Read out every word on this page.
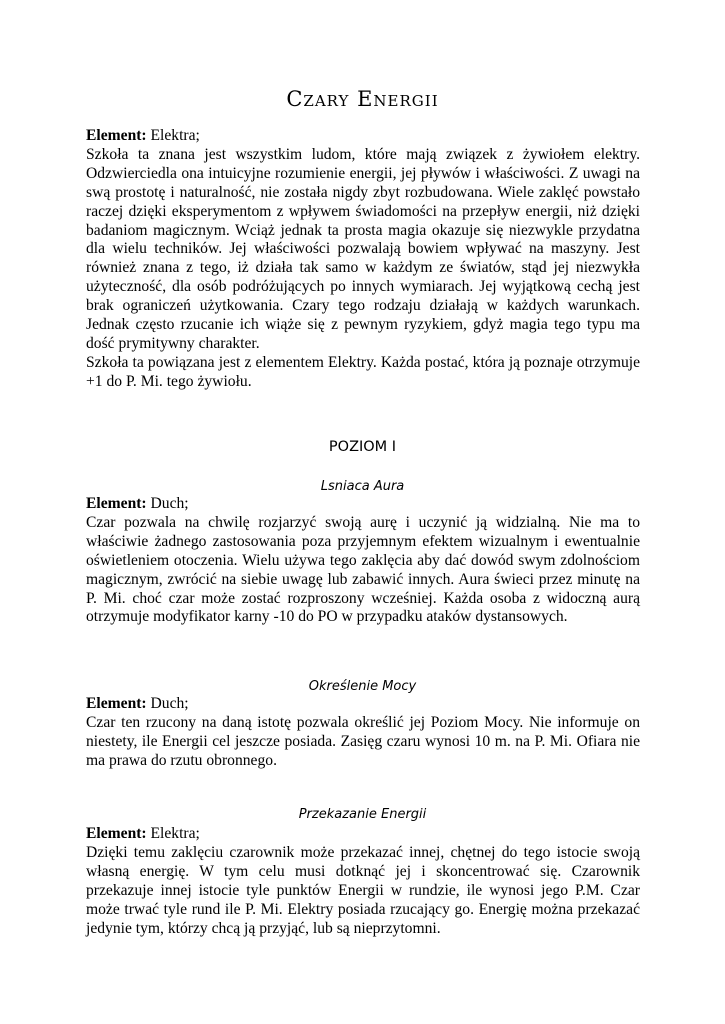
Czary Energii

Element: Elektra;

Szkoła ta znana jest wszystkim ludom, które mają związek z żywiołem elektry. Odzwierciedla ona intuicyjne rozumienie energii, jej pływów i właściwości. Z uwagi na swą prostotę i naturalność, nie została nigdy zbyt rozbudowana. Wiele zaklęć powstało raczej dzięki eksperymentom z wpływem świadomości na przepływ energii, niż dzięki badaniom magicznym. Wciąż jednak ta prosta magia okazuje się niezwykle przydatna dla wielu techników. Jej właściwości pozwalają bowiem wpływać na maszyny. Jest również znana z tego, iż działa tak samo w każdym ze światów, stąd jej niezwykła użyteczność, dla osób podróżujących po innych wymiarach. Jej wyjątkową cechą jest brak ograniczeń użytkowania. Czary tego rodzaju działają w każdych warunkach. Jednak często rzucanie ich wiąże się z pewnym ryzykiem, gdyż magia tego typu ma dość prymitywny charakter.

Szkoła ta powiązana jest z elementem Elektry. Każda postać, która ją poznaje otrzymuje +1 do P. Mi. tego żywiołu.

POZIOM I
Lsniaca Aura

Element: Duch;

Czar pozwala na chwilę rozjarzyć swoją aurę i uczynić ją widzialną. Nie ma to właściwie żadnego zastosowania poza przyjemnym efektem wizualnym i ewentualnie oświetleniem otoczenia. Wielu używa tego zaklęcia aby dać dowód swym zdolnościom magicznym, zwrócić na siebie uwagę lub zabawić innych. Aura świeci przez minutę na P. Mi. choć czar może zostać rozproszony wcześniej. Każda osoba z widoczną aurą otrzymuje modyfikator karny -10 do PO w przypadku ataków dystansowych.

Określenie Mocy

Element: Duch;

Czar ten rzucony na daną istotę pozwala określić jej Poziom Mocy. Nie informuje on niestety, ile Energii cel jeszcze posiada. Zasięg czaru wynosi 10 m. na P. Mi. Ofiara nie ma prawa do rzutu obronnego.

Przekazanie Energii

Element: Elektra;

Dzięki temu zaklęciu czarownik może przekazać innej, chętnej do tego istocie swoją własną energię. W tym celu musi dotknąć jej i skoncentrować się. Czarownik przekazuje innej istocie tyle punktów Energii w rundzie, ile wynosi jego P.M. Czar może trwać tyle rund ile P. Mi. Elektry posiada rzucający go. Energię można przekazać jedynie tym, którzy chcą ją przyjąć, lub są nieprzytomni.
